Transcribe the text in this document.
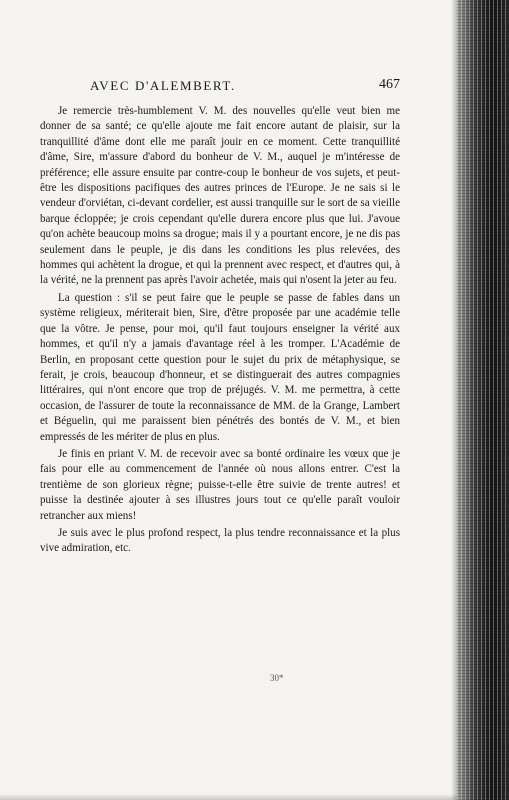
AVEC D'ALEMBERT.	467

Je remercie très-humblement V. M. des nouvelles qu'elle veut bien me donner de sa santé; ce qu'elle ajoute me fait encore autant de plaisir, sur la tranquillité d'âme dont elle me paraît jouir en ce moment. Cette tranquillité d'âme, Sire, m'assure d'abord du bonheur de V. M., auquel je m'intéresse de préférence; elle assure ensuite par contre-coup le bonheur de vos sujets, et peut-être les dispositions pacifiques des autres princes de l'Europe. Je ne sais si le vendeur d'orviétan, ci-devant cordelier, est aussi tranquille sur le sort de sa vieille barque écloppée; je crois cependant qu'elle durera encore plus que lui. J'avoue qu'on achète beaucoup moins sa drogue; mais il y a pourtant encore, je ne dis pas seulement dans le peuple, je dis dans les conditions les plus relevées, des hommes qui achètent la drogue, et qui la prennent avec respect, et d'autres qui, à la vérité, ne la prennent pas après l'avoir achetée, mais qui n'osent la jeter au feu.

La question : s'il se peut faire que le peuple se passe de fables dans un système religieux, mériterait bien, Sire, d'être proposée par une académie telle que la vôtre. Je pense, pour moi, qu'il faut toujours enseigner la vérité aux hommes, et qu'il n'y a jamais d'avantage réel à les tromper. L'Académie de Berlin, en proposant cette question pour le sujet du prix de métaphysique, se ferait, je crois, beaucoup d'honneur, et se distinguerait des autres compagnies littéraires, qui n'ont encore que trop de préjugés. V. M. me permettra, à cette occasion, de l'assurer de toute la reconnaissance de MM. de la Grange, Lambert et Béguelin, qui me paraissent bien pénétrés des bontés de V. M., et bien empressés de les mériter de plus en plus.

Je finis en priant V. M. de recevoir avec sa bonté ordinaire les vœux que je fais pour elle au commencement de l'année où nous allons entrer. C'est la trentième de son glorieux règne; puisse-t-elle être suivie de trente autres! et puisse la destinée ajouter à ses illustres jours tout ce qu'elle paraît vouloir retrancher aux miens!

Je suis avec le plus profond respect, la plus tendre reconnaissance et la plus vive admiration, etc.

30*
